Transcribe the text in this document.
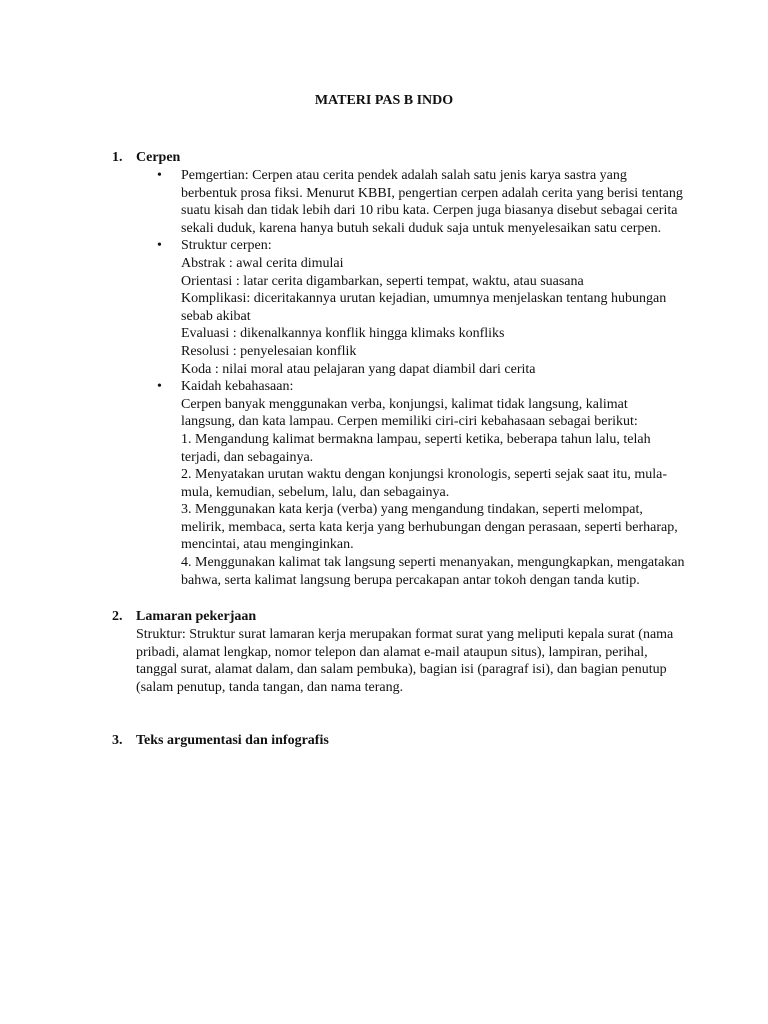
MATERI PAS B INDO
1. Cerpen
• Pemgertian: Cerpen atau cerita pendek adalah salah satu jenis karya sastra yang
berbentuk prosa fiksi. Menurut KBBI, pengertian cerpen adalah cerita yang berisi tentang
suatu kisah dan tidak lebih dari 10 ribu kata. Cerpen juga biasanya disebut sebagai cerita
sekali duduk, karena hanya butuh sekali duduk saja untuk menyelesaikan satu cerpen.
• Struktur cerpen:
Abstrak : awal cerita dimulai
Orientasi : latar cerita digambarkan, seperti tempat, waktu, atau suasana
Komplikasi: diceritakannya urutan kejadian, umumnya menjelaskan tentang hubungan
sebab akibat
Evaluasi : dikenalkannya konflik hingga klimaks konfliks
Resolusi : penyelesaian konflik
Koda : nilai moral atau pelajaran yang dapat diambil dari cerita
• Kaidah kebahasaan:
Cerpen banyak menggunakan verba, konjungsi, kalimat tidak langsung, kalimat
langsung, dan kata lampau. Cerpen memiliki ciri-ciri kebahasaan sebagai berikut:
1. Mengandung kalimat bermakna lampau, seperti ketika, beberapa tahun lalu, telah
terjadi, dan sebagainya.
2. Menyatakan urutan waktu dengan konjungsi kronologis, seperti sejak saat itu, mula-
mula, kemudian, sebelum, lalu, dan sebagainya.
3. Menggunakan kata kerja (verba) yang mengandung tindakan, seperti melompat,
melirik, membaca, serta kata kerja yang berhubungan dengan perasaan, seperti berharap,
mencintai, atau menginginkan.
4. Menggunakan kalimat tak langsung seperti menanyakan, mengungkapkan, mengatakan
bahwa, serta kalimat langsung berupa percakapan antar tokoh dengan tanda kutip.
2. Lamaran pekerjaan
Struktur: Struktur surat lamaran kerja merupakan format surat yang meliputi kepala surat (nama
pribadi, alamat lengkap, nomor telepon dan alamat e-mail ataupun situs), lampiran, perihal,
tanggal surat, alamat dalam, dan salam pembuka), bagian isi (paragraf isi), dan bagian penutup
(salam penutup, tanda tangan, dan nama terang.
3. Teks argumentasi dan infografis
